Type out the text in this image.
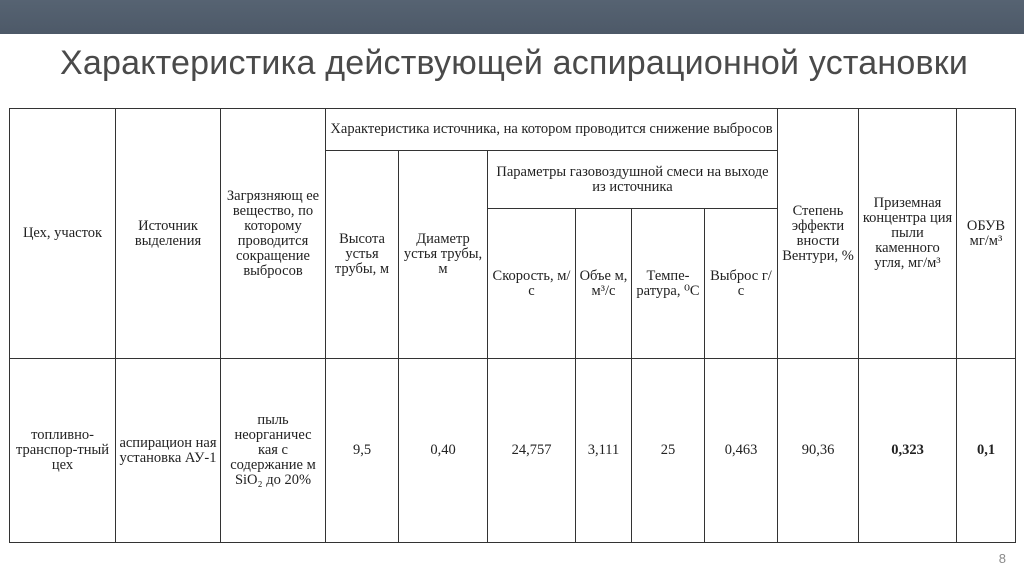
Характеристика действующей аспирационной установки
Цех, участок	Источник выделения	Загрязняющ ее вещество, по которому проводится сокращение выбросов	Характеристика источника, на котором проводится снижение выбросов						Степень эффекти вности Вентури, %	Приземная концентра ция пыли каменного угля, мг/м³	ОБУВ мг/м³
			Высота устья трубы, м	Диаметр устья трубы, м	Параметры газовоздушной смеси на выходе из источника						
					Скорость, м/с	Объе м, м³/с	Темпе- ратура, ⁰С	Выброс г/с			
топливно-транспор-тный цех	аспирацион ная установка АУ-1	пыль неорганичес кая с содержание м SiO₂ до 20%	9,5	0,40	24,757	3,111	25	0,463	90,36	0,323	0,1
8
